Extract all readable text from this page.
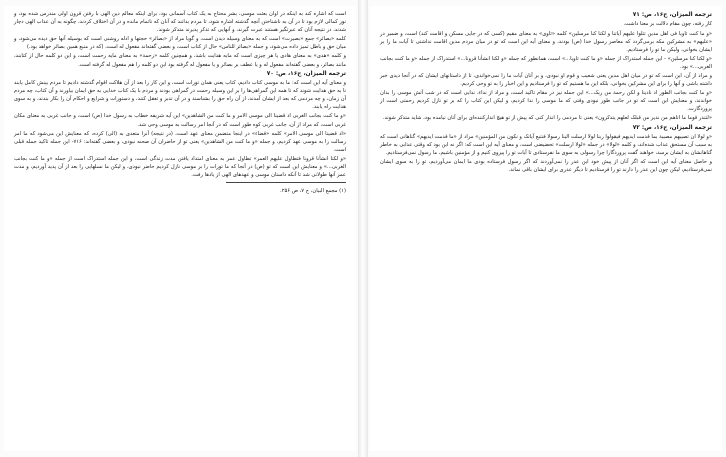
است که اشاره کند به اینکه در اوان بعثت موسی، بشر محتاج به یک کتاب آسمانی بود، برای اینکه معالم دین الهی با رفتن قرون اولی مندرس شده بود، و نور کمالی لازم بود تا در آن به ناشناختن آنچه گذشته اشاره شود، تا مردم بدانند که آنان که ناتمام مانده و در آن اختلاف کردند، چگونه به آن عذاب الهی دچار شدند، در نتیجه آنان که عبرتگیر هستند عبرت گیرند، و آنهایی که تذکر پذیرند متذکر شوند.

کلمه «بصائر» جمع «بصیرت» است که به معنای وسیله دیدن است، و گویا مراد از «بصائر» حجتها و ادله روشنی است که بوسیله آنها حق دیده می‌شود، و میان حق و باطل تمیز داده می‌شود، و جمله «بصائر للناس» حال از کتاب است، و بعضی گفته‌اند مفعول له است، (که در منبع همین بصائر خواهد بود.)

و کلمه «هدی» به معنای هادی یا هر چیزی است که مایه هدایت باشد، و همچنین کلمه «رحمة» به معنای مایه رحمت است، و این دو کلمه حال از کتابند، مانند بصائر، و بعضی گفته‌اند مفعول له و یا عطف بر بصائر و یا مفعول له گرفته بود این دو کلمه را هم مفعول له گرفته است.

ترجمه المیزان، ج۱۶، ص: ۷۰

و معنای آیه این است که: ما به موسی کتاب دادیم، کتاب یعنی همان تورات است، و این کار را بعد از آن هلاکت اقوام گذشته دادیم تا مردم بینش کامل یابند تا به حق هدایت شوند که تا همه این گمراهی‌ها را بر این وسیله رحمت در گمراهی بودند و مردم با یک کتاب خدایی به حق ایمان بیاورند و آن کتاب، چه مردم آن زمان، و چه مردمی که بعد از ایشان آمدند، از آن راه حق را بشناسند و در آن تدبر و تعقل کنند، و دستورات و شرایع و احکام آن را بکار بندند، و به سوی هدایت راه یابند.

«و ما کنت بجانب الغربی اذ قضینا الی موسی الامر و ما کنت من الشاهدین» این آیه شریفه خطاب به رسول خدا (ص) است، و جانب غربی به معنای مکان غربی است، که مراد از آن، جانب غربی کوه طور است که در آنجا امر رسالت به موسی وحی شد.

«اذ قضینا الی موسی الامر» کلمه «قضاء» در اینجا متضمن معنای عهد است، (در نتیجه) آنرا متعدی به (الی) کرده، که معنایش این می‌شود که ما امر رسالت را به موسی عهد کردیم، و جمله «و ما کنت من الشاهدین» یعنی تو از حاضران آن صحنه نبودی، و بعضی گفته‌اند: ۷۱۶- این جمله تاکید جمله قبلی است.

«و لکنا انشأنا قرونا فتطاول علیهم العمر» تطاول عمر به معنای امتداد یافتن مدت زندگی است، و این جمله استدراک است از جمله «و ما کنت بجانب الغربی...» و معنایش این است که تو (ص) در آنجا که ما تورات را بر موسی نازل کردیم حاضر نبودی، و لیکن ما نسلهایی را بعد از آن پدید آوردیم، و مدت عمر آنها طولانی شد تا آنکه داستان موسی و عهدهای الهی از یادها رفت.

(۱) مجمع البیان، ج ۷، ص ۲۵۶.

ترجمه المیزان، ج۱۶، ص: ۷۱

کار رفته، چون مقام دلالت بر معنا داشت.

«و ما کنت ثاویا فی اهل مدین تتلوا علیهم آیاتنا و لکنا کنا مرسلین» کلمه «ثاوی» به معنای مقیم (کسی که در جایی مسکن و اقامت کند) است، و ضمیر در «علیهم» به مشرکین مکه برمی‌گردد که معاصر رسول خدا (ص) بودند، و معنای آیه این است که تو در میان مردم مدین اقامت نداشتی تا آیات ما را بر ایشان بخوانی، ولیکن ما تو را فرستادیم.

«و لکنا کنا مرسلین» - این جمله استدراک از جمله «و ما کنت ثاویا...» است، همانطور که جمله «و لکنا انشأنا قرونا...» استدراک از جمله «و ما کنت بجانب الغربی...» بود.

و مراد از آن، این است که تو در میان اهل مدین یعنی شعیب و قوم او نبودی، و بر آنان آیات ما را نمی‌خواندی، تا از داستانهای ایشان که در آنجا دیدی خبر داشته باشی و آنها را برای این مشرکین بخوانی، بلکه این ما هستیم که تو را فرستادیم و این اخبار را به تو وحی کردیم.

«و ما کنت بجانب الطور اذ نادینا و لکن رحمة من ربک...» این جمله نیز در مقام تاکید است، و مراد از نداء، ندایی است که در شب آتش موسی را بدان خواندند، و معنایش این است که تو در جانب طور نبودی وقتی که ما موسی را ندا کردیم، و لیکن این کتاب را که بر تو نازل کردیم رحمتی است از پروردگارت.

«لتنذر قوما ما اتاهم من نذیر من قبلک لعلهم یتذکرون» یعنی تا مردمی را انذار کنی که پیش از تو هیچ انذارکننده‌ای برای آنان نیامده بود، شاید متذکر شوند.

ترجمه المیزان، ج۱۶، ص: ۷۲

«و لولا ان تصیبهم مصیبة بما قدمت ایدیهم فیقولوا ربنا لولا ارسلت الینا رسولا فنتبع آیاتک و نکون من المؤمنین» مراد از «ما قدمت ایدیهم» گناهانی است که به سبب آن مستحق عذاب شده‌اند، و کلمه «لولا» در جمله «لولا ارسلت» تحضیضی است، و معنای آیه این است که: اگر نه این بود که وقتی عذابی به خاطر گناهانشان به ایشان برسد، خواهند گفت پروردگارا چرا رسولی به سوی ما نفرستادی تا آیات تو را پیروی کنیم و از مؤمنین باشیم، ما رسول نمی‌فرستادیم.

و حاصل معنای آیه این است که اگر آنان از پیش خود این عذر را نمی‌آوردند که اگر رسول فرستاده بودی ما ایمان می‌آوردیم، تو را به سوی ایشان نمی‌فرستادیم، لیکن چون این عذر را دارند تو را فرستادیم تا دیگر عذری برای ایشان باقی نماند.
